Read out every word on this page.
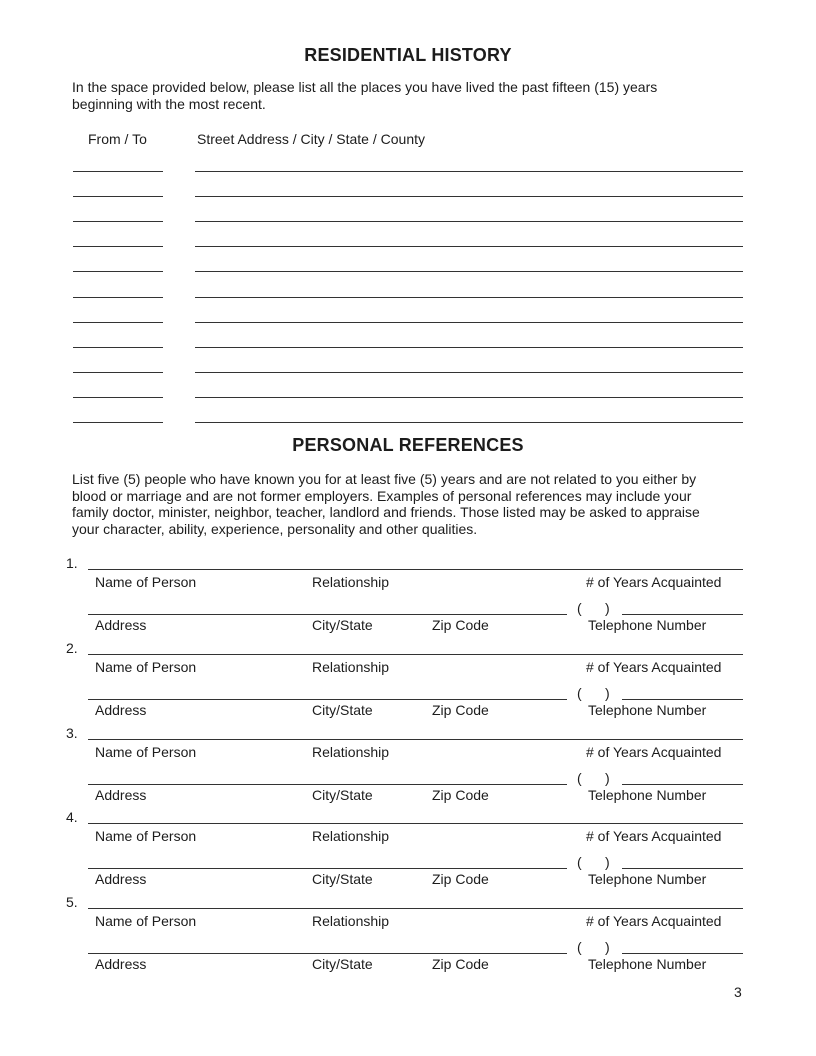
RESIDENTIAL HISTORY
In the space provided below, please list all the places you have lived the past fifteen (15) years
beginning with the most recent.
From / To	Street Address / City / State / County
PERSONAL REFERENCES
List five (5) people who have known you for at least five (5) years and are not related to you either by
blood or marriage and are not former employers. Examples of personal references may include your
family doctor, minister, neighbor, teacher, landlord and friends. Those listed may be asked to appraise
your character, ability, experience, personality and other qualities.
1.
Name of Person	Relationship	# of Years Acquainted
(      )
Address	City/State	Zip Code	Telephone Number
2.
Name of Person	Relationship	# of Years Acquainted
(      )
Address	City/State	Zip Code	Telephone Number
3.
Name of Person	Relationship	# of Years Acquainted
(      )
Address	City/State	Zip Code	Telephone Number
4.
Name of Person	Relationship	# of Years Acquainted
(      )
Address	City/State	Zip Code	Telephone Number
5.
Name of Person	Relationship	# of Years Acquainted
(      )
Address	City/State	Zip Code	Telephone Number
3
